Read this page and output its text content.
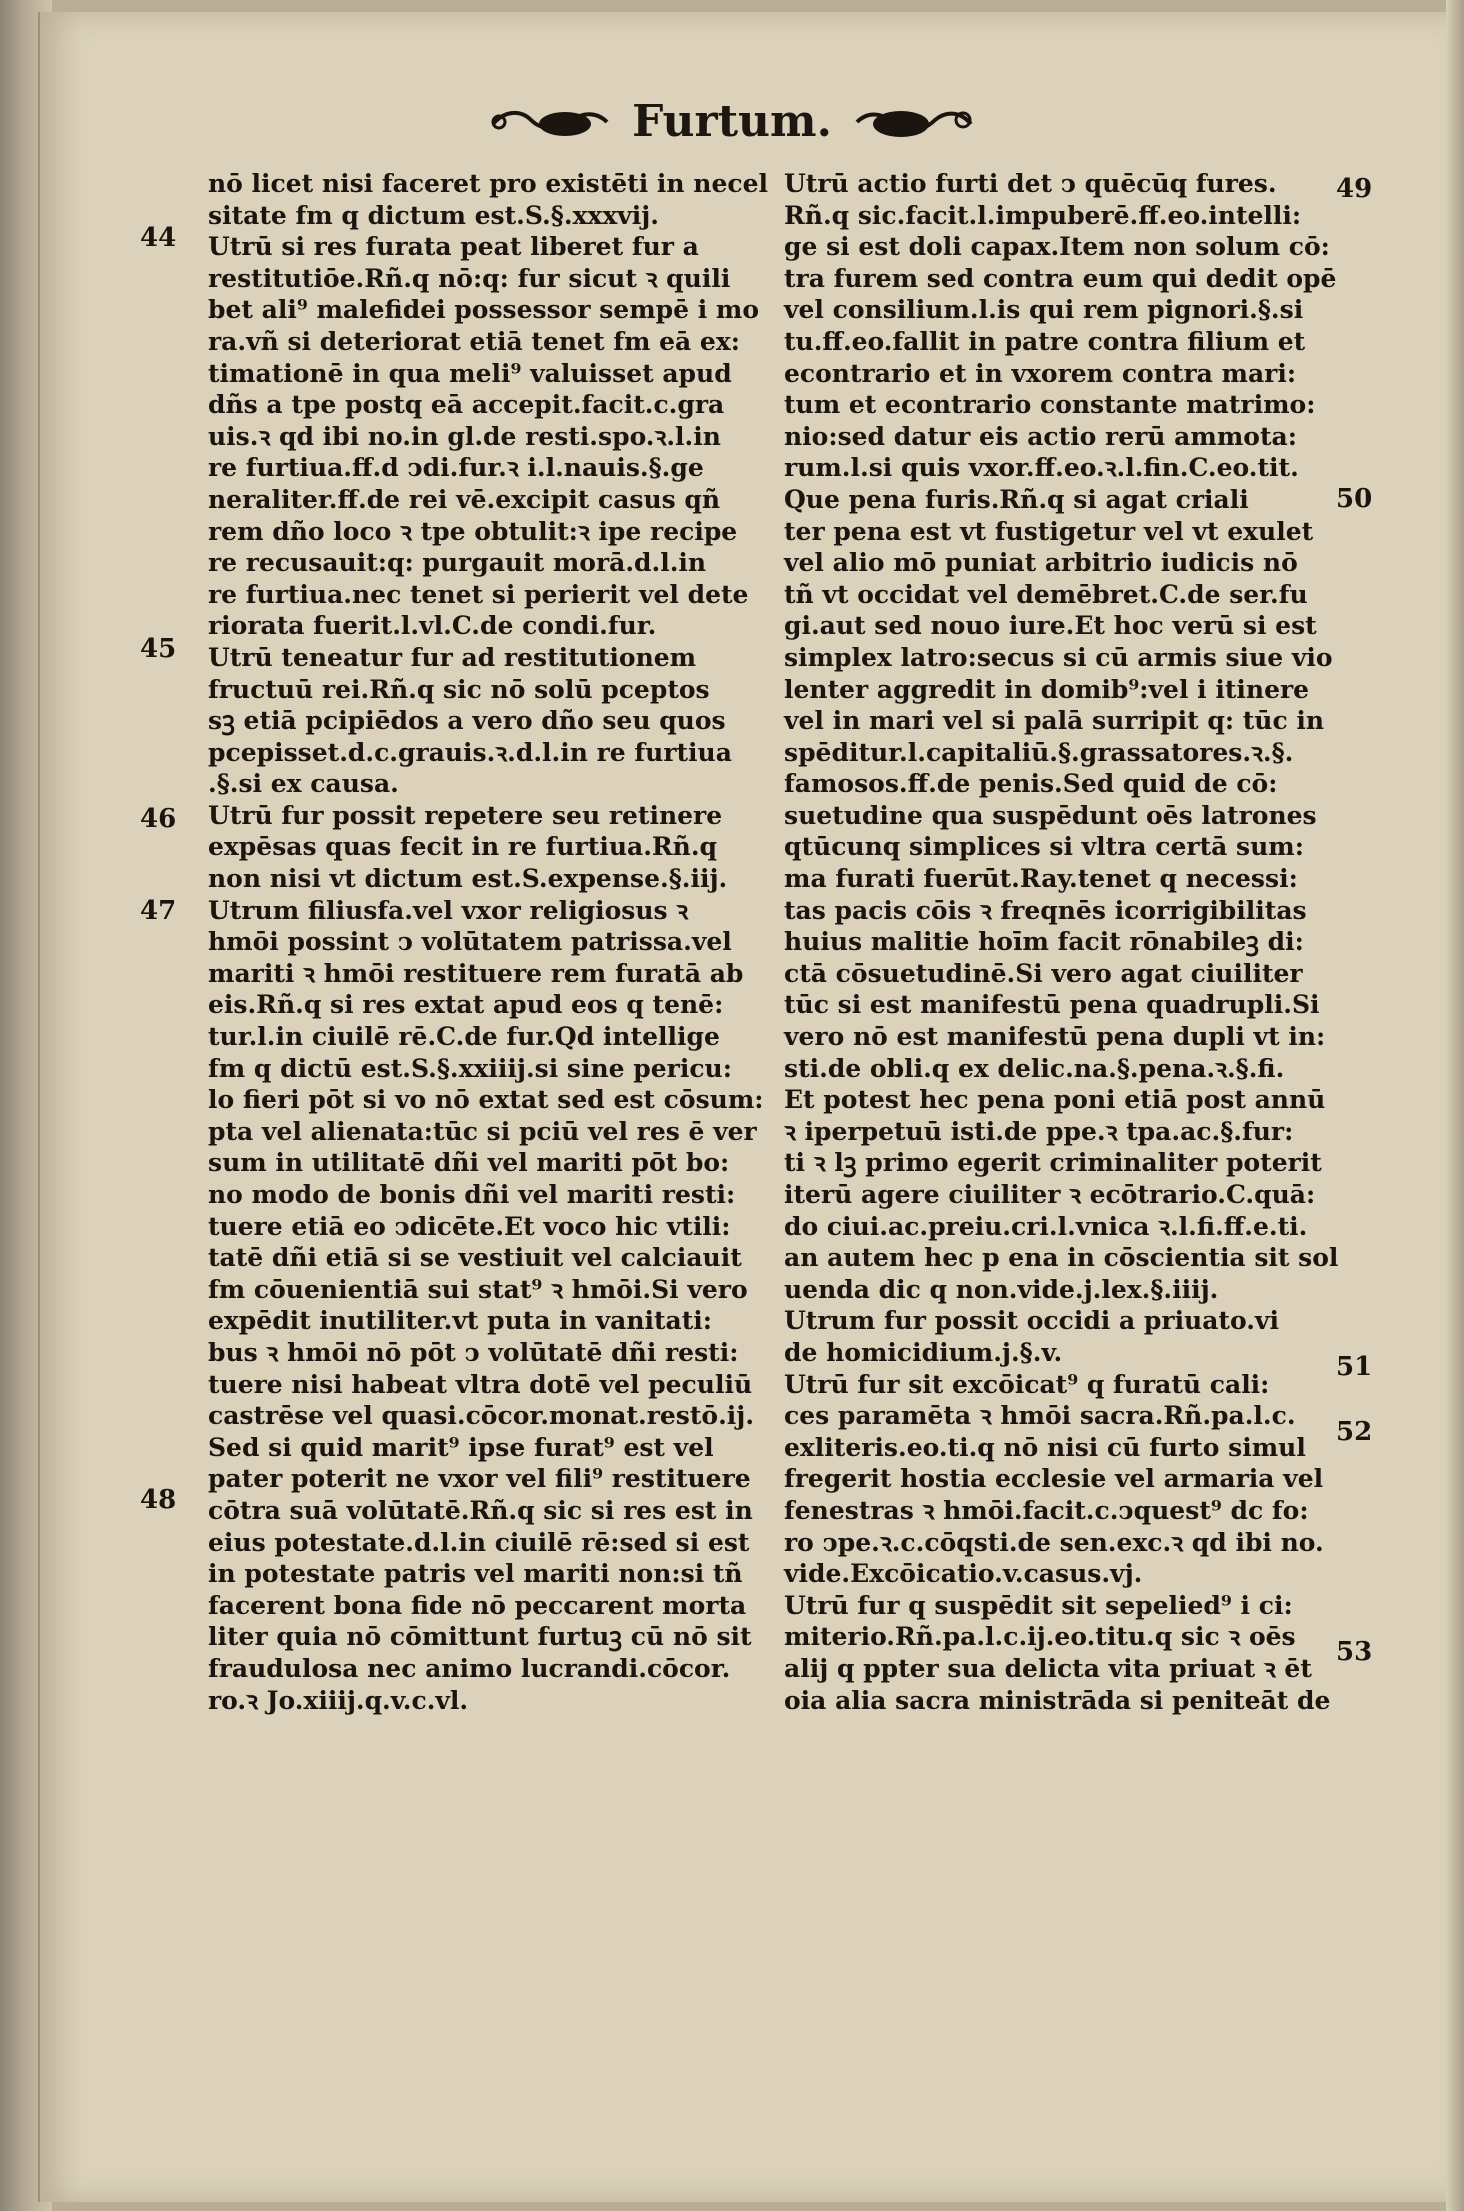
Furtum.
nō licet nisi faceret pro existēti in necel
sitate fm q dictum est.S.§.xxxvij.
Utrū si res furata peat liberet fur a
restitutiōe.Rñ.q nō:q: fur sicut ꝛ quili
bet ali⁹ malefidei possessor sempē i mo
ra.vñ si deteriorat etiā tenet fm eā ex:
timationē in qua meli⁹ valuisset apud
dñs a tpe postq eā accepit.facit.c.gra
uis.ꝛ qd ibi no.in gl.de resti.spo.ꝛ.l.in
re furtiua.ff.d ↄdi.fur.ꝛ i.l.nauis.§.ge
neraliter.ff.de rei vē.excipit casus qñ
rem dño loco ꝛ tpe obtulit:ꝛ ipe recipe
re recusauit:q: purgauit morā.d.l.in
re furtiua.nec tenet si perierit vel dete
riorata fuerit.l.vl.C.de condi.fur.
Utrū teneatur fur ad restitutionem
fructuū rei.Rñ.q sic nō solū pceptos
sꝫ etiā pcipiēdos a vero dño seu quos
pcepisset.d.c.grauis.ꝛ.d.l.in re furtiua
.§.si ex causa.
Utrū fur possit repetere seu retinere
expēsas quas fecit in re furtiua.Rñ.q
non nisi vt dictum est.S.expense.§.iij.
Utrum filiusfa.vel vxor religiosus ꝛ
hmōi possint ↄ volūtatem patrissa.vel
mariti ꝛ hmōi restituere rem furatā ab
eis.Rñ.q si res extat apud eos q tenē:
tur.l.in ciuilē rē.C.de fur.Qd intellige
fm q dictū est.S.§.xxiiij.si sine pericu:
lo fieri pōt si vo nō extat sed est cōsum:
pta vel alienata:tūc si pciū vel res ē ver
sum in utilitatē dñi vel mariti pōt bo:
no modo de bonis dñi vel mariti resti:
tuere etiā eo ↄdicēte.Et voco hic vtili:
tatē dñi etiā si se vestiuit vel calciauit
fm cōuenientiā sui stat⁹ ꝛ hmōi.Si vero
expēdit inutiliter.vt puta in vanitati:
bus ꝛ hmōi nō pōt ↄ volūtatē dñi resti:
tuere nisi habeat vltra dotē vel peculiū
castrēse vel quasi.cōcor.monat.restō.ij.
Sed si quid marit⁹ ipse furat⁹ est vel
pater poterit ne vxor vel fili⁹ restituere
cōtra suā volūtatē.Rñ.q sic si res est in
eius potestate.d.l.in ciuilē rē:sed si est
in potestate patris vel mariti non:si tñ
facerent bona fide nō peccarent morta
liter quia nō cōmittunt furtuꝫ cū nō sit
fraudulosa nec animo lucrandi.cōcor.
ro.ꝛ Jo.xiiij.q.v.c.vl.
Utrū actio furti det ↄ quēcūq fures.
Rñ.q sic.facit.l.impuberē.ff.eo.intelli:
ge si est doli capax.Item non solum cō:
tra furem sed contra eum qui dedit opē
vel consilium.l.is qui rem pignori.§.si
tu.ff.eo.fallit in patre contra filium et
econtrario et in vxorem contra mari:
tum et econtrario constante matrimo:
nio:sed datur eis actio rerū ammota:
rum.l.si quis vxor.ff.eo.ꝛ.l.fin.C.eo.tit.
Que pena furis.Rñ.q si agat criali
ter pena est vt fustigetur vel vt exulet
vel alio mō puniat arbitrio iudicis nō
tñ vt occidat vel demēbret.C.de ser.fu
gi.aut sed nouo iure.Et hoc verū si est
simplex latro:secus si cū armis siue vio
lenter aggredit in domib⁹:vel i itinere
vel in mari vel si palā surripit q: tūc in
spēditur.l.capitaliū.§.grassatores.ꝛ.§.
famosos.ff.de penis.Sed quid de cō:
suetudine qua suspēdunt oēs latrones
qtūcunq simplices si vltra certā sum:
ma furati fuerūt.Ray.tenet q necessi:
tas pacis cōis ꝛ freqnēs icorrigibilitas
huius malitie hoīm facit rōnabileꝫ di:
ctā cōsuetudinē.Si vero agat ciuiliter
tūc si est manifestū pena quadrupli.Si
vero nō est manifestū pena dupli vt in:
sti.de obli.q ex delic.na.§.pena.ꝛ.§.fi.
Et potest hec pena poni etiā post annū
ꝛ iperpetuū isti.de ppe.ꝛ tpa.ac.§.fur:
ti ꝛ lꝫ primo egerit criminaliter poterit
iterū agere ciuiliter ꝛ ecōtrario.C.quā:
do ciui.ac.preiu.cri.l.vnica ꝛ.l.fi.ff.e.ti.
an autem hec p ena in cōscientia sit sol
uenda dic q non.vide.j.lex.§.iiij.
Utrum fur possit occidi a priuato.vi
de homicidium.j.§.v.
Utrū fur sit excōicat⁹ q furatū cali:
ces paramēta ꝛ hmōi sacra.Rñ.pa.l.c.
exliteris.eo.ti.q nō nisi cū furto simul
fregerit hostia ecclesie vel armaria vel
fenestras ꝛ hmōi.facit.c.ↄquest⁹ dc fo:
ro ↄpe.ꝛ.c.cōqsti.de sen.exc.ꝛ qd ibi no.
vide.Excōicatio.v.casus.vj.
Utrū fur q suspēdit sit sepelied⁹ i ci:
miterio.Rñ.pa.l.c.ij.eo.titu.q sic ꝛ oēs
alij q ppter sua delicta vita priuat ꝛ ēt
oia alia sacra ministrāda si peniteāt de
44
45
46
47
48
49
50
51
52
53
